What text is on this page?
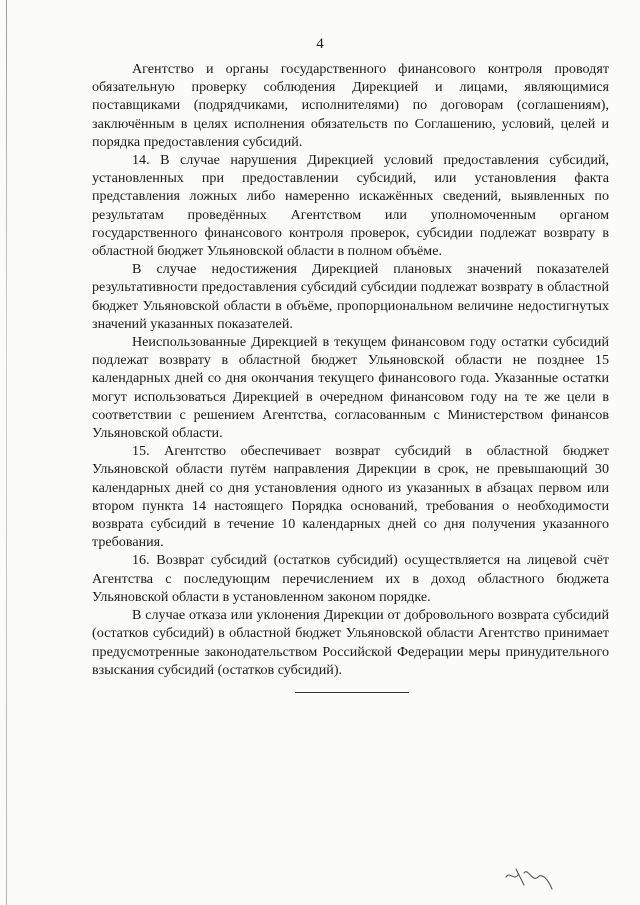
4

Агентство и органы государственного финансового контроля проводят обязательную проверку соблюдения Дирекцией и лицами, являющимися поставщиками (подрядчиками, исполнителями) по договорам (соглашениям), заключённым в целях исполнения обязательств по Соглашению, условий, целей и порядка предоставления субсидий.

14. В случае нарушения Дирекцией условий предоставления субсидий, установленных при предоставлении субсидий, или установления факта представления ложных либо намеренно искажённых сведений, выявленных по результатам проведённых Агентством или уполномоченным органом государственного финансового контроля проверок, субсидии подлежат возврату в областной бюджет Ульяновской области в полном объёме.

В случае недостижения Дирекцией плановых значений показателей результативности предоставления субсидий субсидии подлежат возврату в областной бюджет Ульяновской области в объёме, пропорциональном величине недостигнутых значений указанных показателей.

Неиспользованные Дирекцией в текущем финансовом году остатки субсидий подлежат возврату в областной бюджет Ульяновской области не позднее 15 календарных дней со дня окончания текущего финансового года. Указанные остатки могут использоваться Дирекцией в очередном финансовом году на те же цели в соответствии с решением Агентства, согласованным с Министерством финансов Ульяновской области.

15. Агентство обеспечивает возврат субсидий в областной бюджет Ульяновской области путём направления Дирекции в срок, не превышающий 30 календарных дней со дня установления одного из указанных в абзацах первом или втором пункта 14 настоящего Порядка оснований, требования о необходимости возврата субсидий в течение 10 календарных дней со дня получения указанного требования.

16. Возврат субсидий (остатков субсидий) осуществляется на лицевой счёт Агентства с последующим перечислением их в доход областного бюджета Ульяновской области в установленном законом порядке.

В случае отказа или уклонения Дирекции от добровольного возврата субсидий (остатков субсидий) в областной бюджет Ульяновской области Агентство принимает предусмотренные законодательством Российской Федерации меры принудительного взыскания субсидий (остатков субсидий).
